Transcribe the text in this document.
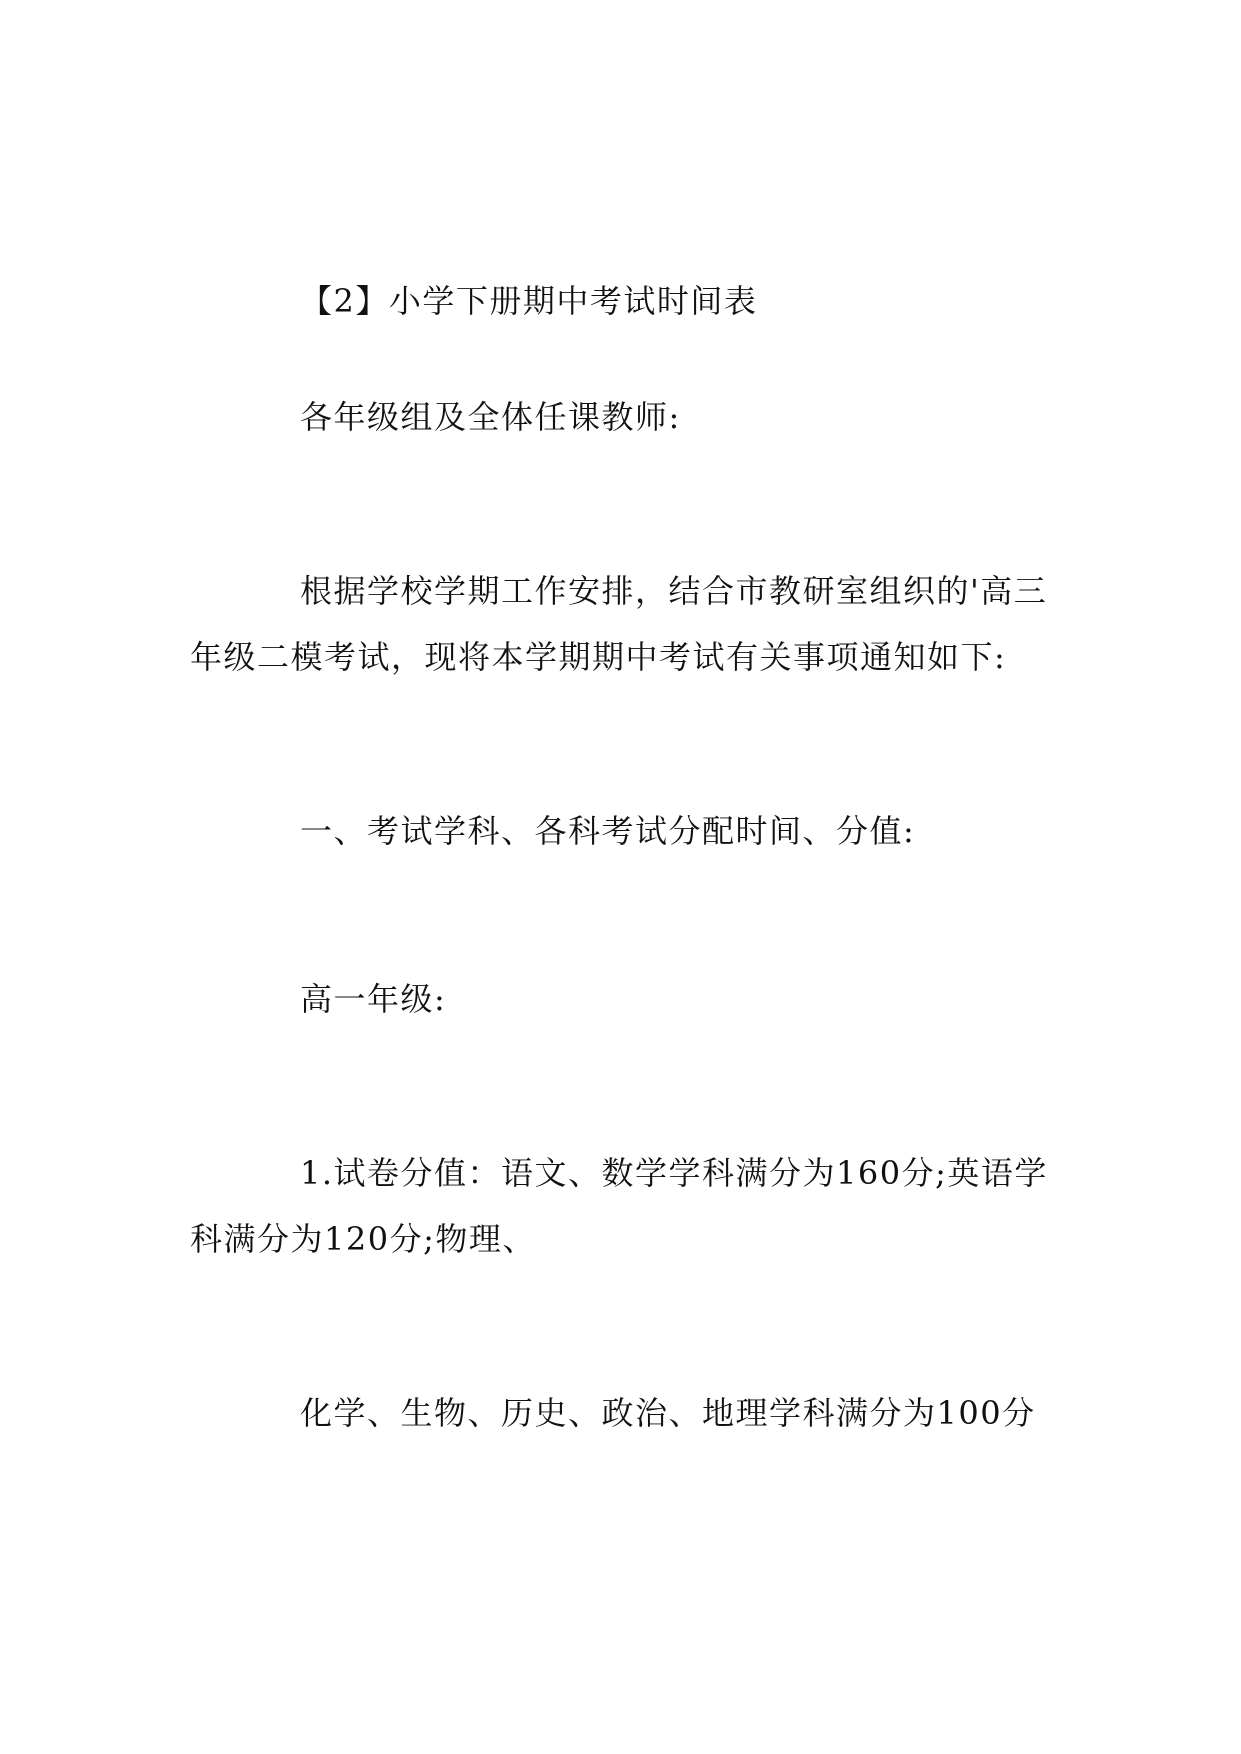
【2】小学下册期中考试时间表

各年级组及全体任课教师:

根据学校学期工作安排，结合市教研室组织的'高三年级二模考试，现将本学期期中考试有关事项通知如下:

一、考试学科、各科考试分配时间、分值:

高一年级:

1.试卷分值：语文、数学学科满分为160分;英语学科满分为120分;物理、

化学、生物、历史、政治、地理学科满分为100分
